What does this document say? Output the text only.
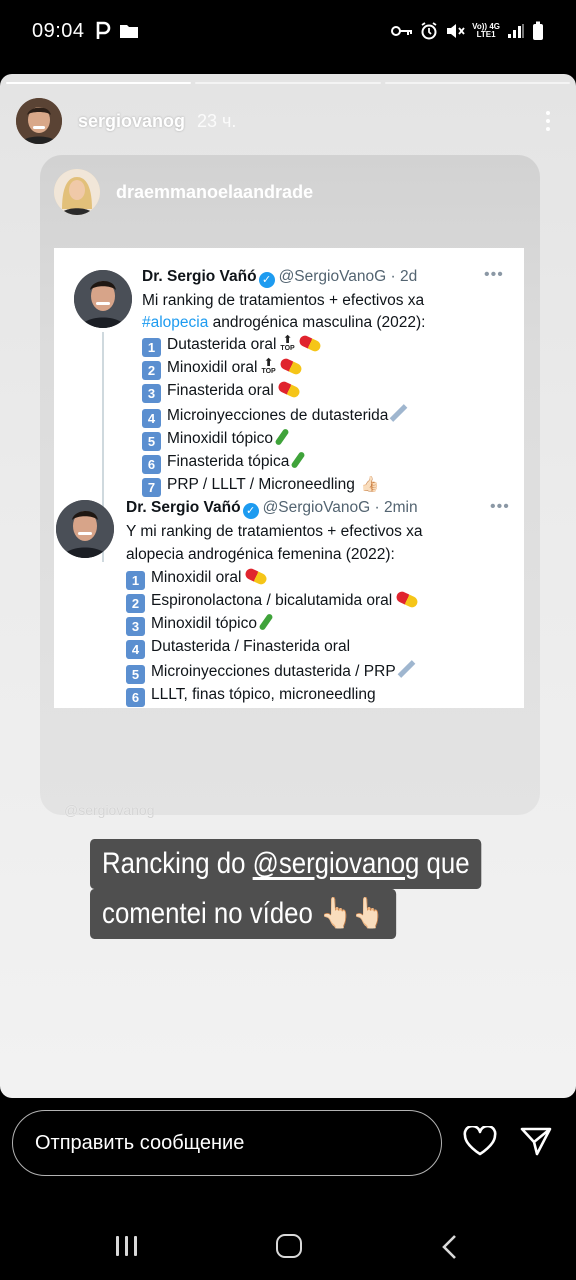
09:04	Vo)) 4G
LTE1
sergiovanog 23 ч.
draemmanoelaandrade
Dr. Sergio Vañó ✓ @SergioVanoG · 2d	•••
Mi ranking de tratamientos + efectivos xa
#alopecia androgénica masculina (2022):
1 Dutasterida oral ⬆
TOP
2 Minoxidil oral ⬆
TOP
3 Finasterida oral
4 Microinyecciones de dutasterida
5 Minoxidil tópico
6 Finasterida tópica
7 PRP / LLLT / Microneedling 👍🏻
Dr. Sergio Vañó ✓ @SergioVanoG · 2min	•••
Y mi ranking de tratamientos + efectivos xa
alopecia androgénica femenina (2022):
1 Minoxidil oral
2 Espironolactona / bicalutamida oral
3 Minoxidil tópico
4 Dutasterida / Finasterida oral
5 Microinyecciones dutasterida / PRP
6 LLLT, finas tópico, microneedling
@sergiovanog
Rancking do @sergiovanog que
comentei no vídeo 👆🏻👆🏻
Отправить сообщение
